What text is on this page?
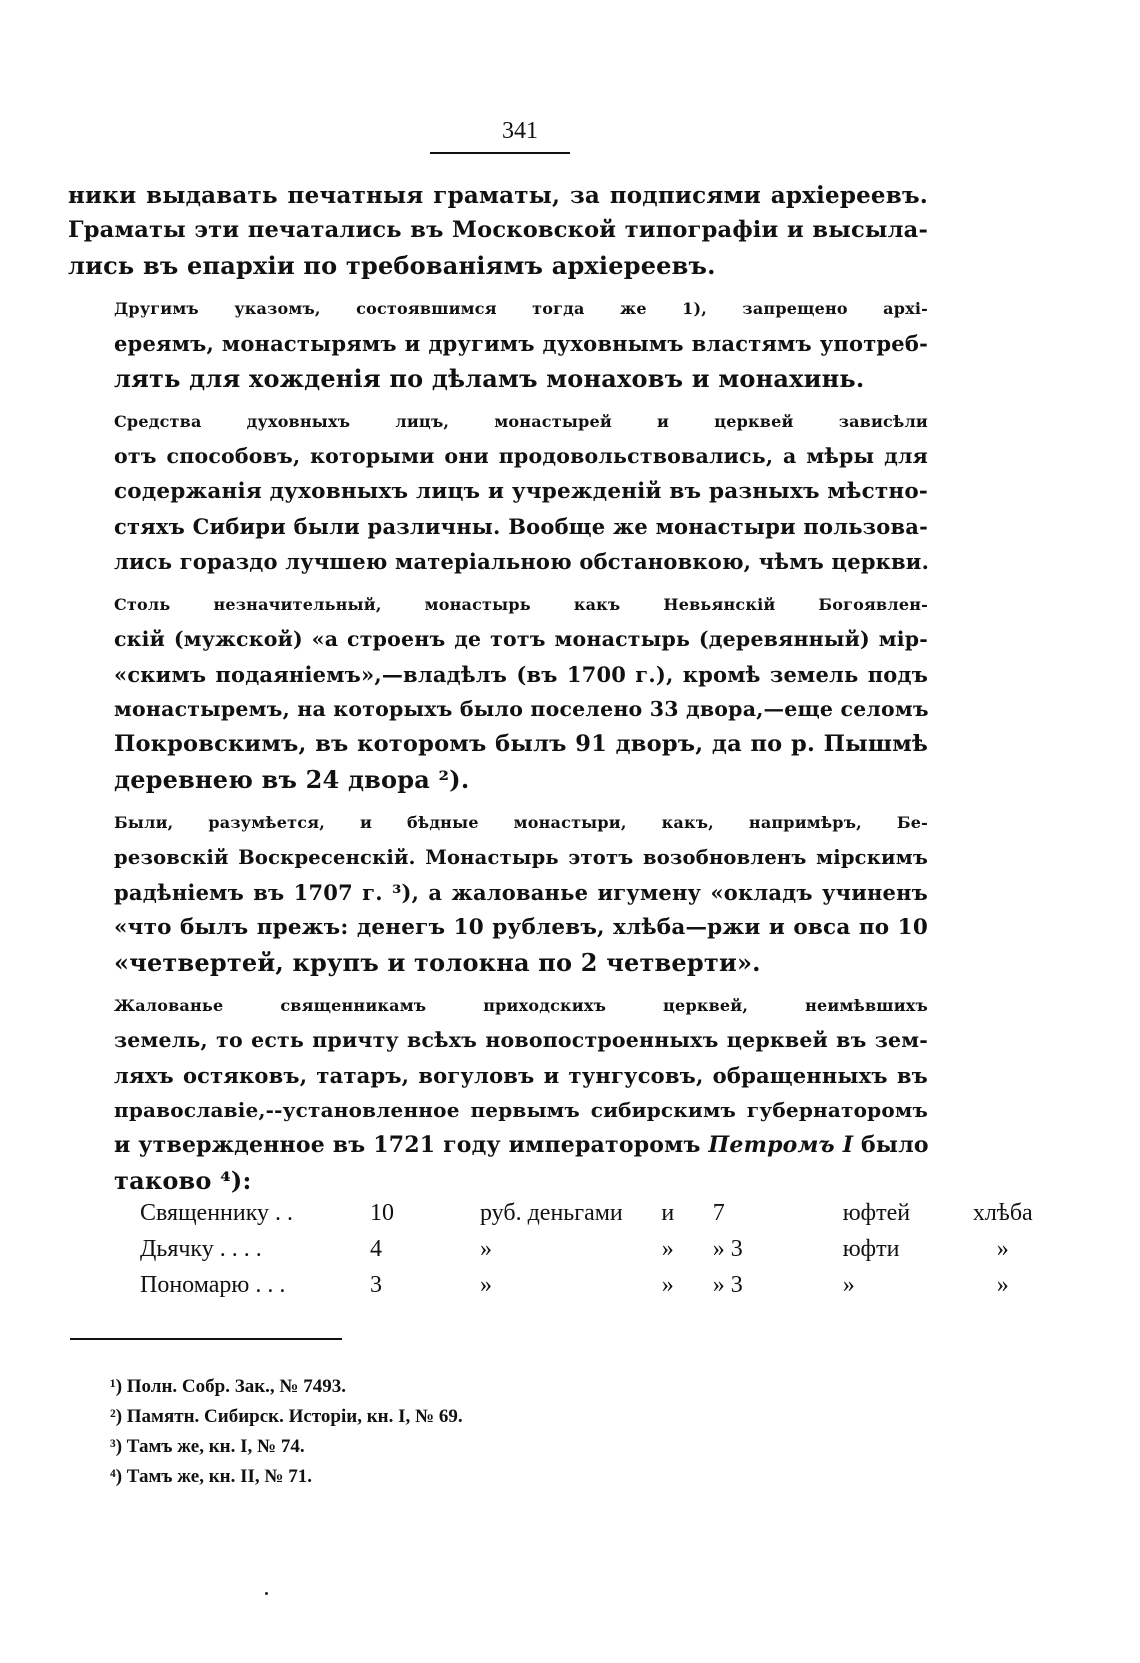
341

ники выдавать печатныя граматы, за подписями архіереевъ.
Граматы эти печатались въ Московской типографіи и высыла-
лись въ епархіи по требованіямъ архіереевъ.

Другимъ указомъ, состоявшимся тогда же 1), запрещено архі-
ереямъ, монастырямъ и другимъ духовнымъ властямъ употреб-
лять для хожденія по дѣламъ монаховъ и монахинь.

Средства духовныхъ лицъ, монастырей и церквей зависѣли
отъ способовъ, которыми они продовольствовались, а мѣры для
содержанія духовныхъ лицъ и учрежденій въ разныхъ мѣстно-
стяхъ Сибири были различны. Вообще же монастыри пользова-
лись гораздо лучшею матеріальною обстановкою, чѣмъ церкви.

Столь незначительный, монастырь какъ Невьянскій Богоявлен-
скій (мужской) «а строенъ де тотъ монастырь (деревянный) мір-
«скимъ подаяніемъ»,—владѣлъ (въ 1700 г.), кромѣ земель подъ
монастыремъ, на которыхъ было поселено 33 двора,—еще селомъ
Покровскимъ, въ которомъ былъ 91 дворъ, да по р. Пышмѣ
деревнею въ 24 двора ²).

Были, разумѣется, и бѣдные монастыри, какъ, напримѣръ, Бе-
резовскій Воскресенскій. Монастырь этотъ возобновленъ мірскимъ
радѣніемъ въ 1707 г. ³), а жалованье игумену «окладъ учиненъ
«что былъ прежъ: денегъ 10 рублевъ, хлѣба—ржи и овса по 10
«четвертей, крупъ и толокна по 2 четверти».

Жалованье священникамъ приходскихъ церквей, неимѣвшихъ
земель, то есть причту всѣхъ новопостроенныхъ церквей въ зем-
ляхъ остяковъ, татаръ, вогуловъ и тунгусовъ, обращенныхъ въ
православіе,--установленное первымъ сибирскимъ губернаторомъ
и утвержденное въ 1721 году императоромъ Петромъ I было
таково ⁴):

Священнику . .	10	руб. деньгами	и	7	юфтей	хлѣба
Дьячку . . . .	4	»	»	» 3	юфти	»
Пономарю . . .	3	»	»	» 3	»	»
¹) Полн. Собр. Зак., № 7493.
²) Памятн. Сибирск. Исторіи, кн. I, № 69.
³) Тамъ же, кн. I, № 74.
⁴) Тамъ же, кн. II, № 71.
